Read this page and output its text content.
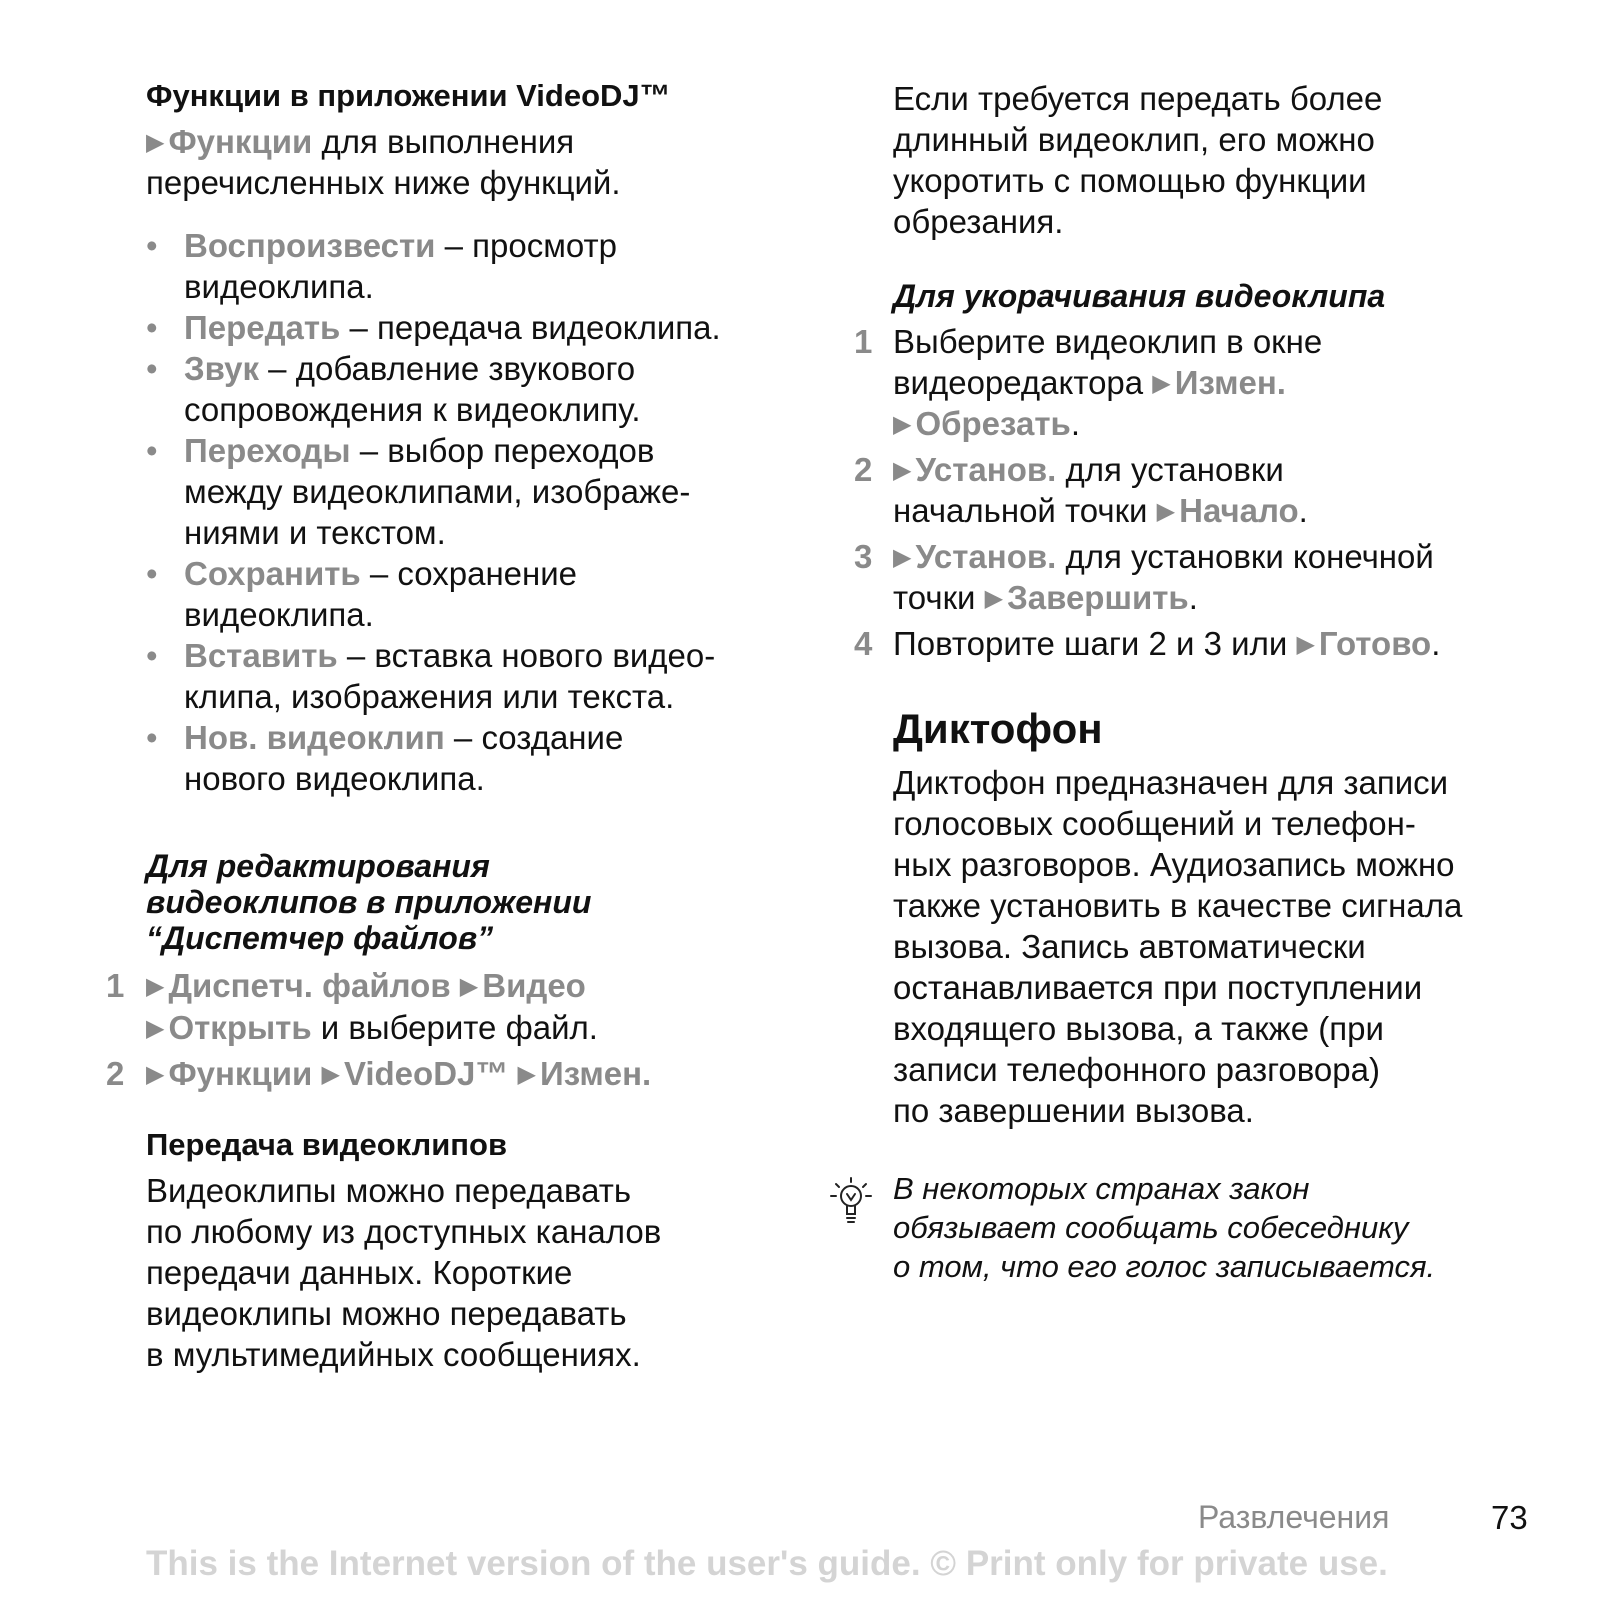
Функции в приложении VideoDJ™
▶ Функции для выполнения
перечисленных ниже функций.
• Воспроизвести – просмотр
видеоклипа.
• Передать – передача видеоклипа.
• Звук – добавление звукового
сопровождения к видеоклипу.
• Переходы – выбор переходов
между видеоклипами, изображе-
ниями и текстом.
• Сохранить – сохранение
видеоклипа.
• Вставить – вставка нового видео-
клипа, изображения или текста.
• Нов. видеоклип – создание
нового видеоклипа.
Для редактирования
видеоклипов в приложении
“Диспетчер файлов”
1 ▶ Диспетч. файлов ▶ Видео
▶ Открыть и выберите файл.
2 ▶ Функции ▶ VideoDJ™ ▶ Измен.
Передача видеоклипов
Видеоклипы можно передавать
по любому из доступных каналов
передачи данных. Короткие
видеоклипы можно передавать
в мультимедийных сообщениях.
Если требуется передать более
длинный видеоклип, его можно
укоротить с помощью функции
обрезания.
Для укорачивания видеоклипа
1 Выберите видеоклип в окне
видеоредактора ▶ Измен.
▶ Обрезать.
2 ▶ Установ. для установки
начальной точки ▶ Начало.
3 ▶ Установ. для установки конечной
точки ▶ Завершить.
4 Повторите шаги 2 и 3 или ▶ Готово.
Диктофон
Диктофон предназначен для записи
голосовых сообщений и телефон-
ных разговоров. Аудиозапись можно
также установить в качестве сигнала
вызова. Запись автоматически
останавливается при поступлении
входящего вызова, а также (при
записи телефонного разговора)
по завершении вызова.
В некоторых странах закон
обязывает сообщать собеседнику
о том, что его голос записывается.
Развлечения	73
This is the Internet version of the user's guide. © Print only for private use.
